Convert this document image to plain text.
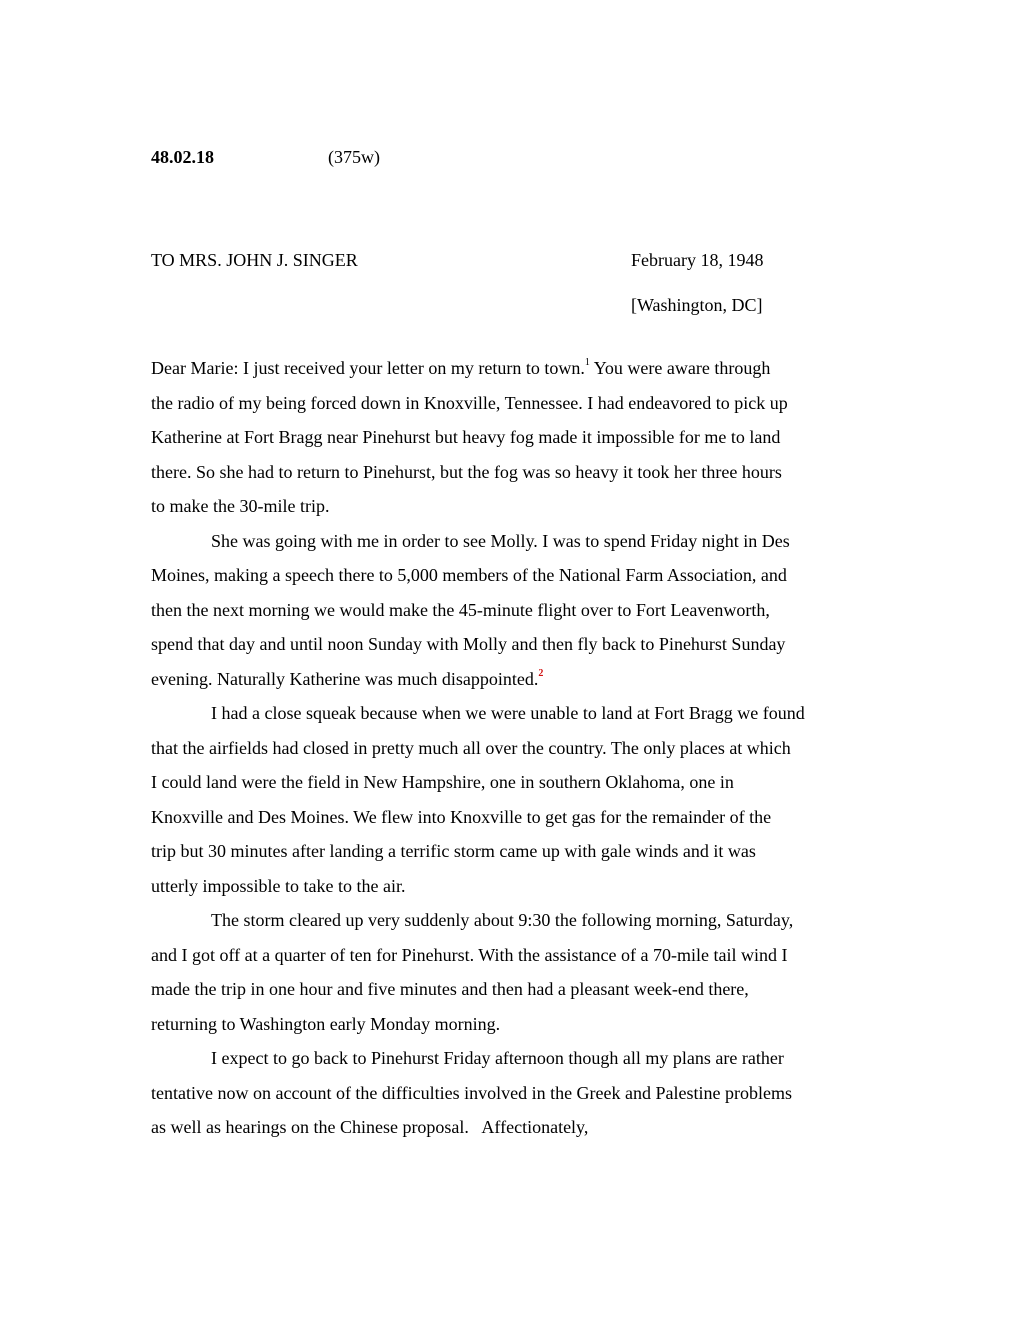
48.02.18	(375w)
TO MRS. JOHN J. SINGER	February 18, 1948
[Washington, DC]
Dear Marie: I just received your letter on my return to town.$^1$ You were aware through
the radio of my being forced down in Knoxville, Tennessee. I had endeavored to pick up
Katherine at Fort Bragg near Pinehurst but heavy fog made it impossible for me to land
there. So she had to return to Pinehurst, but the fog was so heavy it took her three hours
to make the 30-mile trip.
She was going with me in order to see Molly. I was to spend Friday night in Des
Moines, making a speech there to 5,000 members of the National Farm Association, and
then the next morning we would make the 45-minute flight over to Fort Leavenworth,
spend that day and until noon Sunday with Molly and then fly back to Pinehurst Sunday
evening. Naturally Katherine was much disappointed.$^2$
I had a close squeak because when we were unable to land at Fort Bragg we found
that the airfields had closed in pretty much all over the country. The only places at which
I could land were the field in New Hampshire, one in southern Oklahoma, one in
Knoxville and Des Moines. We flew into Knoxville to get gas for the remainder of the
trip but 30 minutes after landing a terrific storm came up with gale winds and it was
utterly impossible to take to the air.
The storm cleared up very suddenly about 9:30 the following morning, Saturday,
and I got off at a quarter of ten for Pinehurst. With the assistance of a 70-mile tail wind I
made the trip in one hour and five minutes and then had a pleasant week-end there,
returning to Washington early Monday morning.
I expect to go back to Pinehurst Friday afternoon though all my plans are rather
tentative now on account of the difficulties involved in the Greek and Palestine problems
as well as hearings on the Chinese proposal.   Affectionately,
